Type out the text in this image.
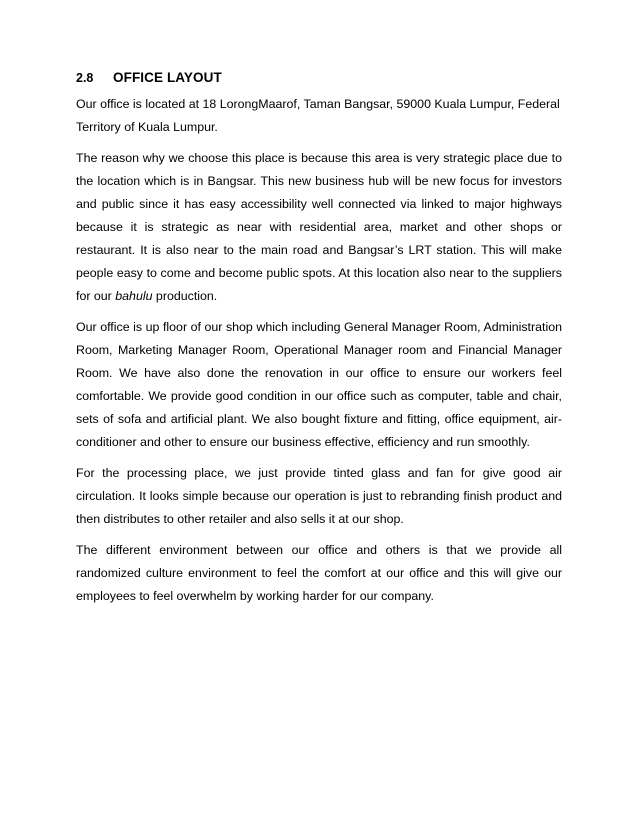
2.8	OFFICE LAYOUT

Our office is located at 18 LorongMaarof, Taman Bangsar, 59000 Kuala Lumpur, Federal Territory of Kuala Lumpur.

The reason why we choose this place is because this area is very strategic place due to the location which is in Bangsar. This new business hub will be new focus for investors and public since it has easy accessibility well connected via linked to major highways because it is strategic as near with residential area, market and other shops or restaurant. It is also near to the main road and Bangsar’s LRT station. This will make people easy to come and become public spots. At this location also near to the suppliers for our bahulu production.

Our office is up floor of our shop which including General Manager Room, Administration Room, Marketing Manager Room, Operational Manager room and Financial Manager Room. We have also done the renovation in our office to ensure our workers feel comfortable. We provide good condition in our office such as computer, table and chair, sets of sofa and artificial plant. We also bought fixture and fitting, office equipment, air-conditioner and other to ensure our business effective, efficiency and run smoothly.

For the processing place, we just provide tinted glass and fan for give good air circulation. It looks simple because our operation is just to rebranding finish product and then distributes to other retailer and also sells it at our shop.

The different environment between our office and others is that we provide all randomized culture environment to feel the comfort at our office and this will give our employees to feel overwhelm by working harder for our company.
